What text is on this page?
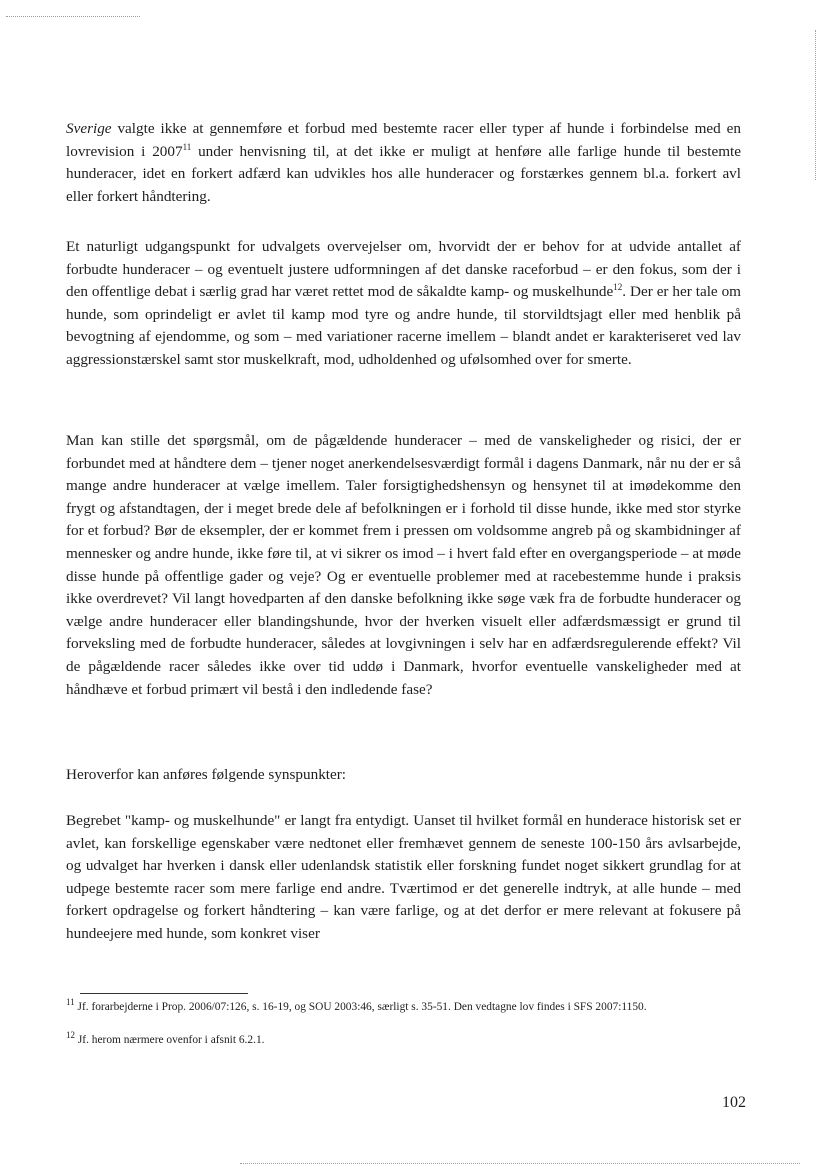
Sverige valgte ikke at gennemføre et forbud med bestemte racer eller typer af hunde i forbindelse med en lovrevision i 2007$^{11}$ under henvisning til, at det ikke er muligt at henføre alle farlige hunde til bestemte hunderacer, idet en forkert adfærd kan udvikles hos alle hunderacer og forstærkes gennem bl.a. forkert avl eller forkert håndtering.

Et naturligt udgangspunkt for udvalgets overvejelser om, hvorvidt der er behov for at udvide antallet af forbudte hunderacer – og eventuelt justere udformningen af det danske raceforbud – er den fokus, som der i den offentlige debat i særlig grad har været rettet mod de såkaldte kamp- og muskelhunde$^{12}$. Der er her tale om hunde, som oprindeligt er avlet til kamp mod tyre og andre hunde, til storvildtsjagt eller med henblik på bevogtning af ejendomme, og som – med variationer racerne imellem – blandt andet er karakteriseret ved lav aggressionstærskel samt stor muskelkraft, mod, udholdenhed og ufølsomhed over for smerte.

Man kan stille det spørgsmål, om de pågældende hunderacer – med de vanskeligheder og risici, der er forbundet med at håndtere dem – tjener noget anerkendelsesværdigt formål i dagens Danmark, når nu der er så mange andre hunderacer at vælge imellem. Taler forsigtighedshensyn og hensynet til at imødekomme den frygt og afstandtagen, der i meget brede dele af befolkningen er i forhold til disse hunde, ikke med stor styrke for et forbud? Bør de eksempler, der er kommet frem i pressen om voldsomme angreb på og skambidninger af mennesker og andre hunde, ikke føre til, at vi sikrer os imod – i hvert fald efter en overgangsperiode – at møde disse hunde på offentlige gader og veje? Og er eventuelle problemer med at racebestemme hunde i praksis ikke overdrevet? Vil langt hovedparten af den danske befolkning ikke søge væk fra de forbudte hunderacer og vælge andre hunderacer eller blandingshunde, hvor der hverken visuelt eller adfærdsmæssigt er grund til forveksling med de forbudte hunderacer, således at lovgivningen i selv har en adfærdsregulerende effekt? Vil de pågældende racer således ikke over tid uddø i Danmark, hvorfor eventuelle vanskeligheder med at håndhæve et forbud primært vil bestå i den indledende fase?

Heroverfor kan anføres følgende synspunkter:

Begrebet "kamp- og muskelhunde" er langt fra entydigt. Uanset til hvilket formål en hunderace historisk set er avlet, kan forskellige egenskaber være nedtonet eller fremhævet gennem de seneste 100-150 års avlsarbejde, og udvalget har hverken i dansk eller udenlandsk statistik eller forskning fundet noget sikkert grundlag for at udpege bestemte racer som mere farlige end andre. Tværtimod er det generelle indtryk, at alle hunde – med forkert opdragelse og forkert håndtering – kan være farlige, og at det derfor er mere relevant at fokusere på hundeejere med hunde, som konkret viser

$^{11}$ Jf. forarbejderne i Prop. 2006/07:126, s. 16-19, og SOU 2003:46, særligt s. 35-51. Den vedtagne lov findes i SFS 2007:1150.

$^{12}$ Jf. herom nærmere ovenfor i afsnit 6.2.1.

102
